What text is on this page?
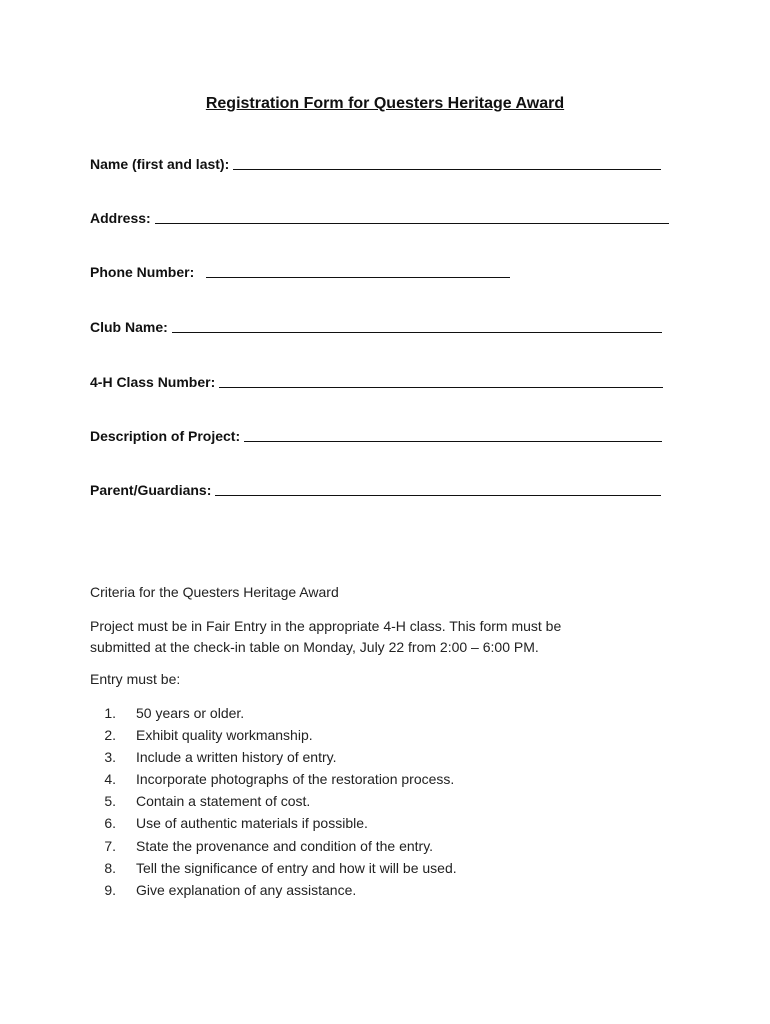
Registration Form for Questers Heritage Award
Name (first and last):
Address:
Phone Number:
Club Name:
4-H Class Number:
Description of Project:
Parent/Guardians:
Criteria for the Questers Heritage Award
Project must be in Fair Entry in the appropriate 4-H class. This form must be
submitted at the check-in table on Monday, July 22 from 2:00 – 6:00 PM.
Entry must be:
1. 50 years or older.
2. Exhibit quality workmanship.
3. Include a written history of entry.
4. Incorporate photographs of the restoration process.
5. Contain a statement of cost.
6. Use of authentic materials if possible.
7. State the provenance and condition of the entry.
8. Tell the significance of entry and how it will be used.
9. Give explanation of any assistance.
